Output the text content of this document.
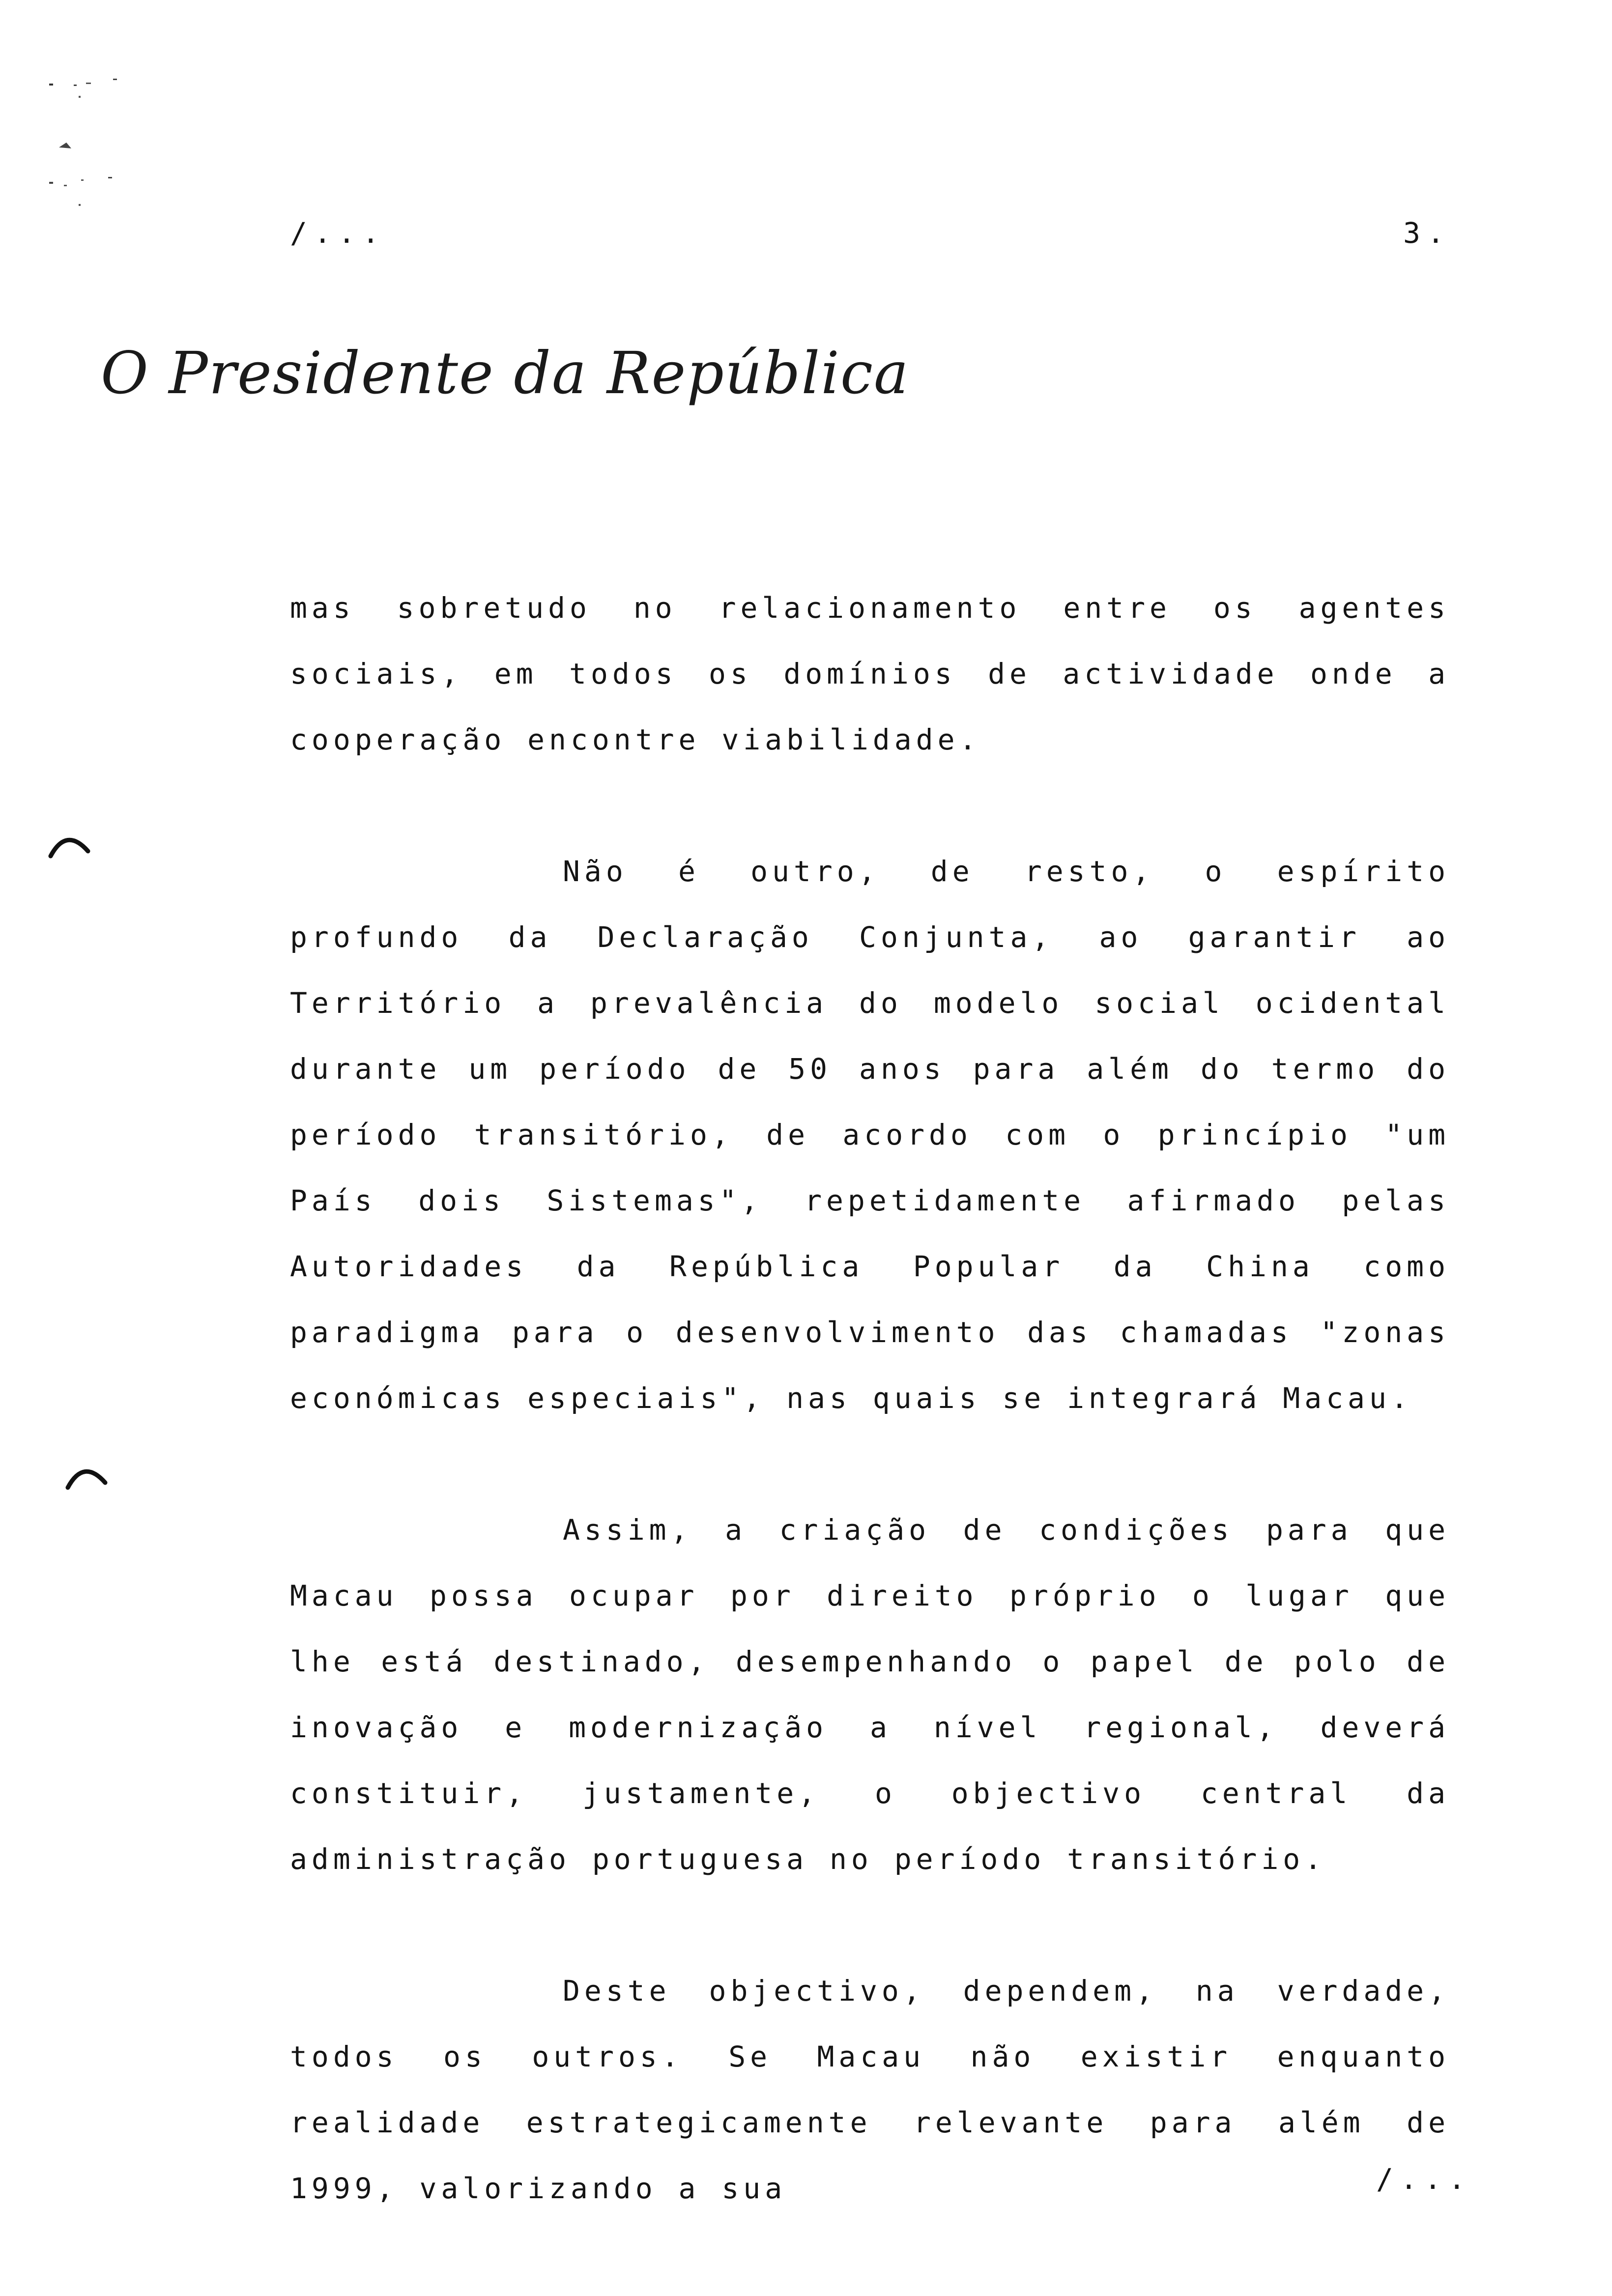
/...	3.
O Presidente da República

mas sobretudo no relacionamento entre os agentes sociais, em todos os domínios de actividade onde a cooperação encontre viabilidade.

Não é outro, de resto, o espírito profundo da Declaração Conjunta, ao garantir ao Território a prevalência do modelo social ocidental durante um período de 50 anos para além do termo do período transitório, de acordo com o princípio "um País dois Sistemas", repetidamente afirmado pelas Autoridades da República Popular da China como paradigma para o desenvolvimento das chamadas "zonas económicas especiais", nas quais se integrará Macau.

Assim, a criação de condições para que Macau possa ocupar por direito próprio o lugar que lhe está destinado, desempenhando o papel de polo de inovação e modernização a nível regional, deverá constituir, justamente, o objectivo central da administração portuguesa no período transitório.

Deste objectivo, dependem, na verdade, todos os outros. Se Macau não existir enquanto realidade estrategicamente relevante para além de 1999, valorizando a sua	/...
